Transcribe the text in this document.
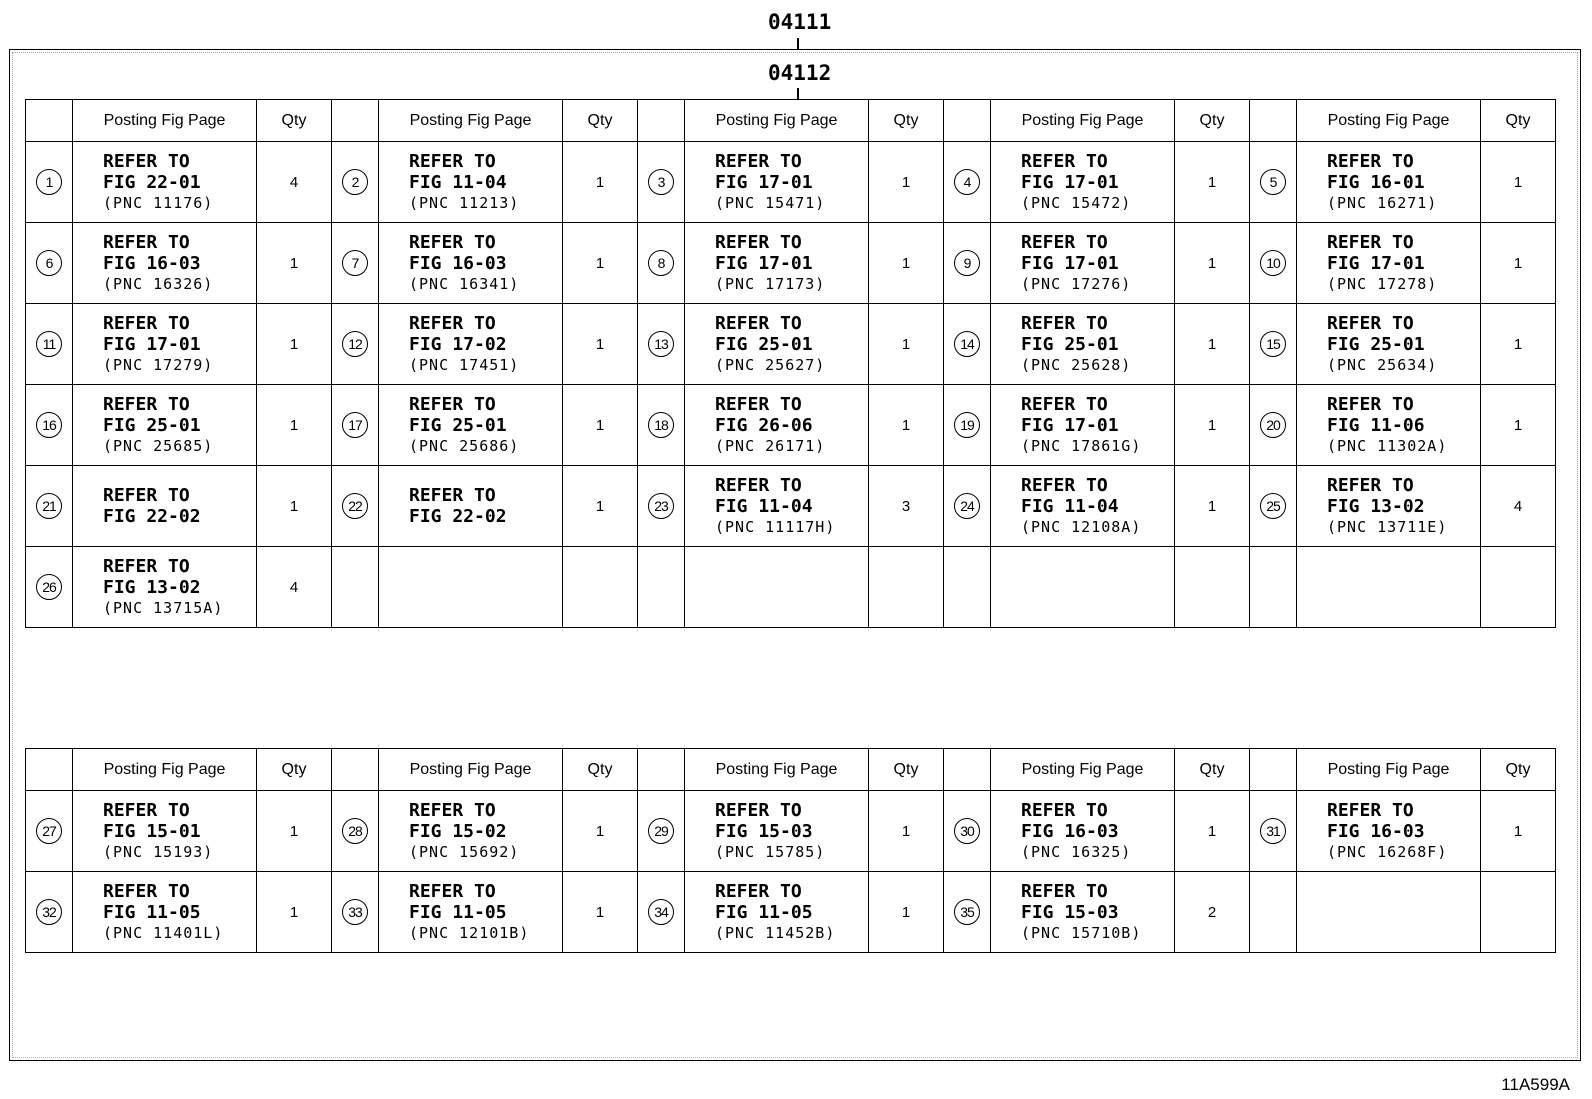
04111
04112
	Posting Fig Page	Qty		Posting Fig Page	Qty		Posting Fig Page	Qty		Posting Fig Page	Qty		Posting Fig Page	Qty
1	REFER TO
FIG 22-01
(PNC 11176)	4	2	REFER TO
FIG 11-04
(PNC 11213)	1	3	REFER TO
FIG 17-01
(PNC 15471)	1	4	REFER TO
FIG 17-01
(PNC 15472)	1	5	REFER TO
FIG 16-01
(PNC 16271)	1
6	REFER TO
FIG 16-03
(PNC 16326)	1	7	REFER TO
FIG 16-03
(PNC 16341)	1	8	REFER TO
FIG 17-01
(PNC 17173)	1	9	REFER TO
FIG 17-01
(PNC 17276)	1	10	REFER TO
FIG 17-01
(PNC 17278)	1
11	REFER TO
FIG 17-01
(PNC 17279)	1	12	REFER TO
FIG 17-02
(PNC 17451)	1	13	REFER TO
FIG 25-01
(PNC 25627)	1	14	REFER TO
FIG 25-01
(PNC 25628)	1	15	REFER TO
FIG 25-01
(PNC 25634)	1
16	REFER TO
FIG 25-01
(PNC 25685)	1	17	REFER TO
FIG 25-01
(PNC 25686)	1	18	REFER TO
FIG 26-06
(PNC 26171)	1	19	REFER TO
FIG 17-01
(PNC 17861G)	1	20	REFER TO
FIG 11-06
(PNC 11302A)	1
21	REFER TO
FIG 22-02	1	22	REFER TO
FIG 22-02	1	23	REFER TO
FIG 11-04
(PNC 11117H)	3	24	REFER TO
FIG 11-04
(PNC 12108A)	1	25	REFER TO
FIG 13-02
(PNC 13711E)	4
26	REFER TO
FIG 13-02
(PNC 13715A)	4												
	Posting Fig Page	Qty		Posting Fig Page	Qty		Posting Fig Page	Qty		Posting Fig Page	Qty		Posting Fig Page	Qty
27	REFER TO
FIG 15-01
(PNC 15193)	1	28	REFER TO
FIG 15-02
(PNC 15692)	1	29	REFER TO
FIG 15-03
(PNC 15785)	1	30	REFER TO
FIG 16-03
(PNC 16325)	1	31	REFER TO
FIG 16-03
(PNC 16268F)	1
32	REFER TO
FIG 11-05
(PNC 11401L)	1	33	REFER TO
FIG 11-05
(PNC 12101B)	1	34	REFER TO
FIG 11-05
(PNC 11452B)	1	35	REFER TO
FIG 15-03
(PNC 15710B)	2			
11A599A
